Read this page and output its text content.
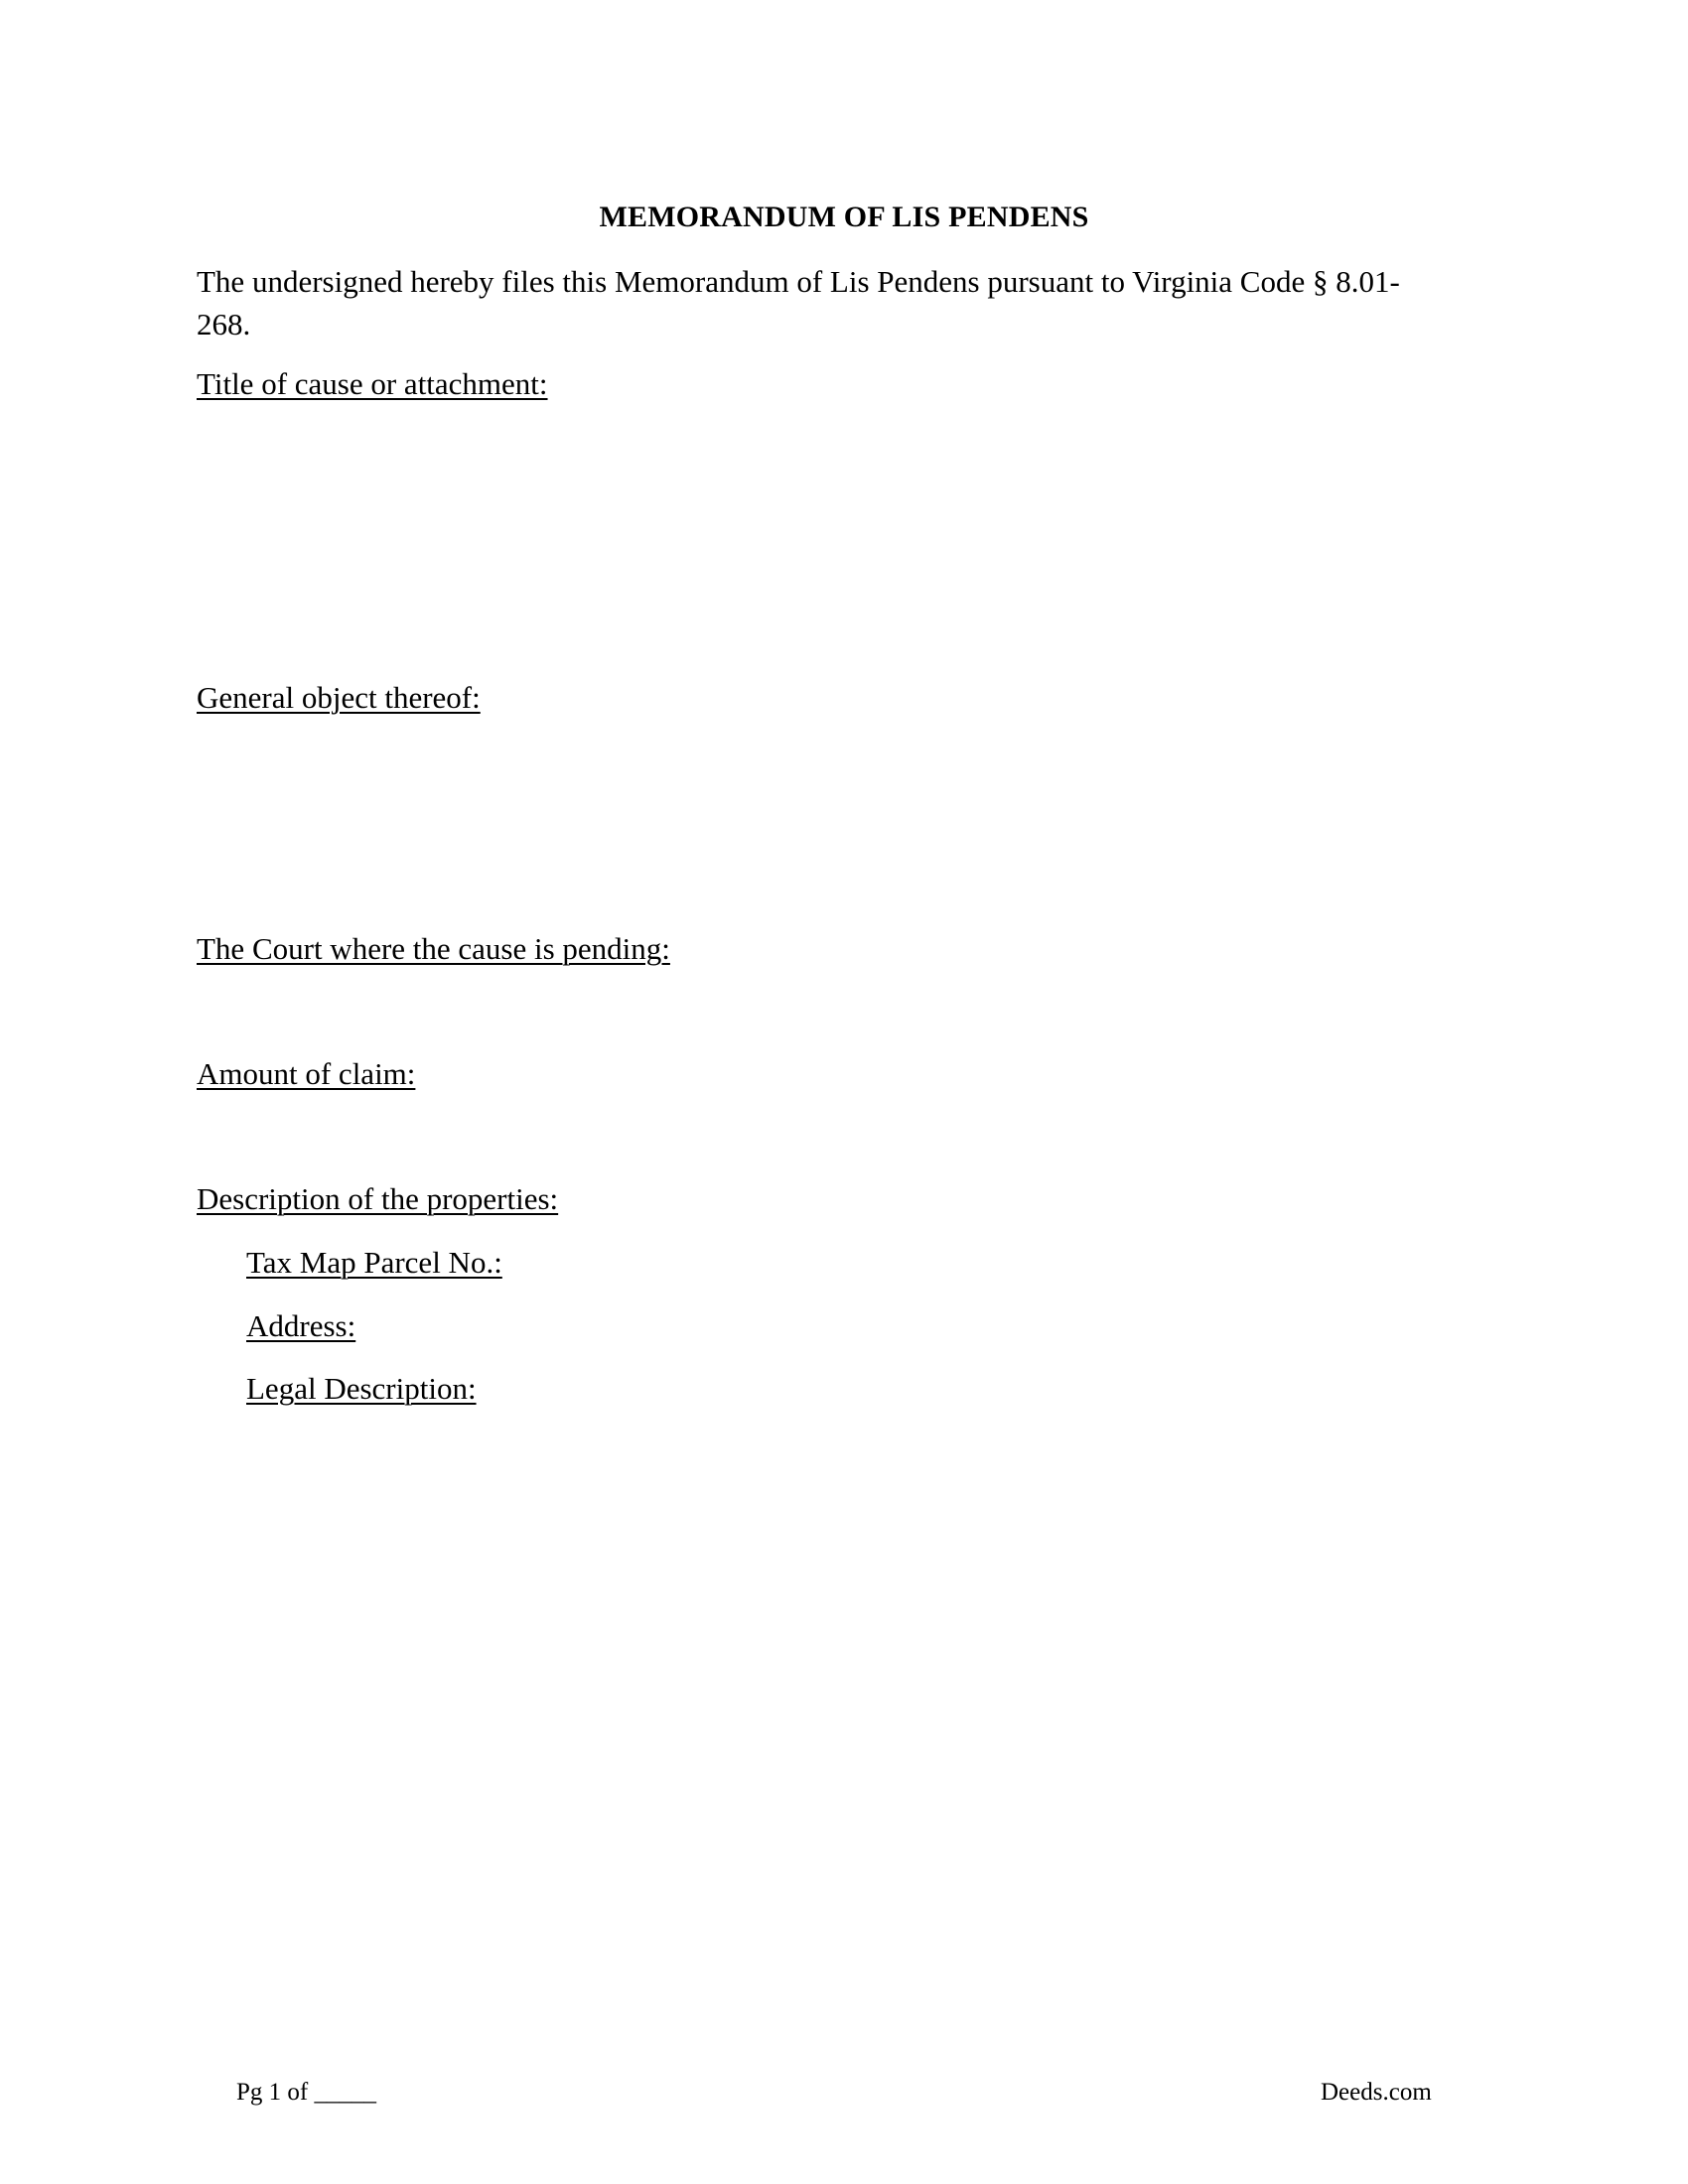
MEMORANDUM OF LIS PENDENS
The undersigned hereby files this Memorandum of Lis Pendens pursuant to Virginia Code § 8.01-268.
Title of cause or attachment:
General object thereof:
The Court where the cause is pending:
Amount of claim:
Description of the properties:
Tax Map Parcel No.:
Address:
Legal Description:
Pg 1 of _____	Deeds.com
